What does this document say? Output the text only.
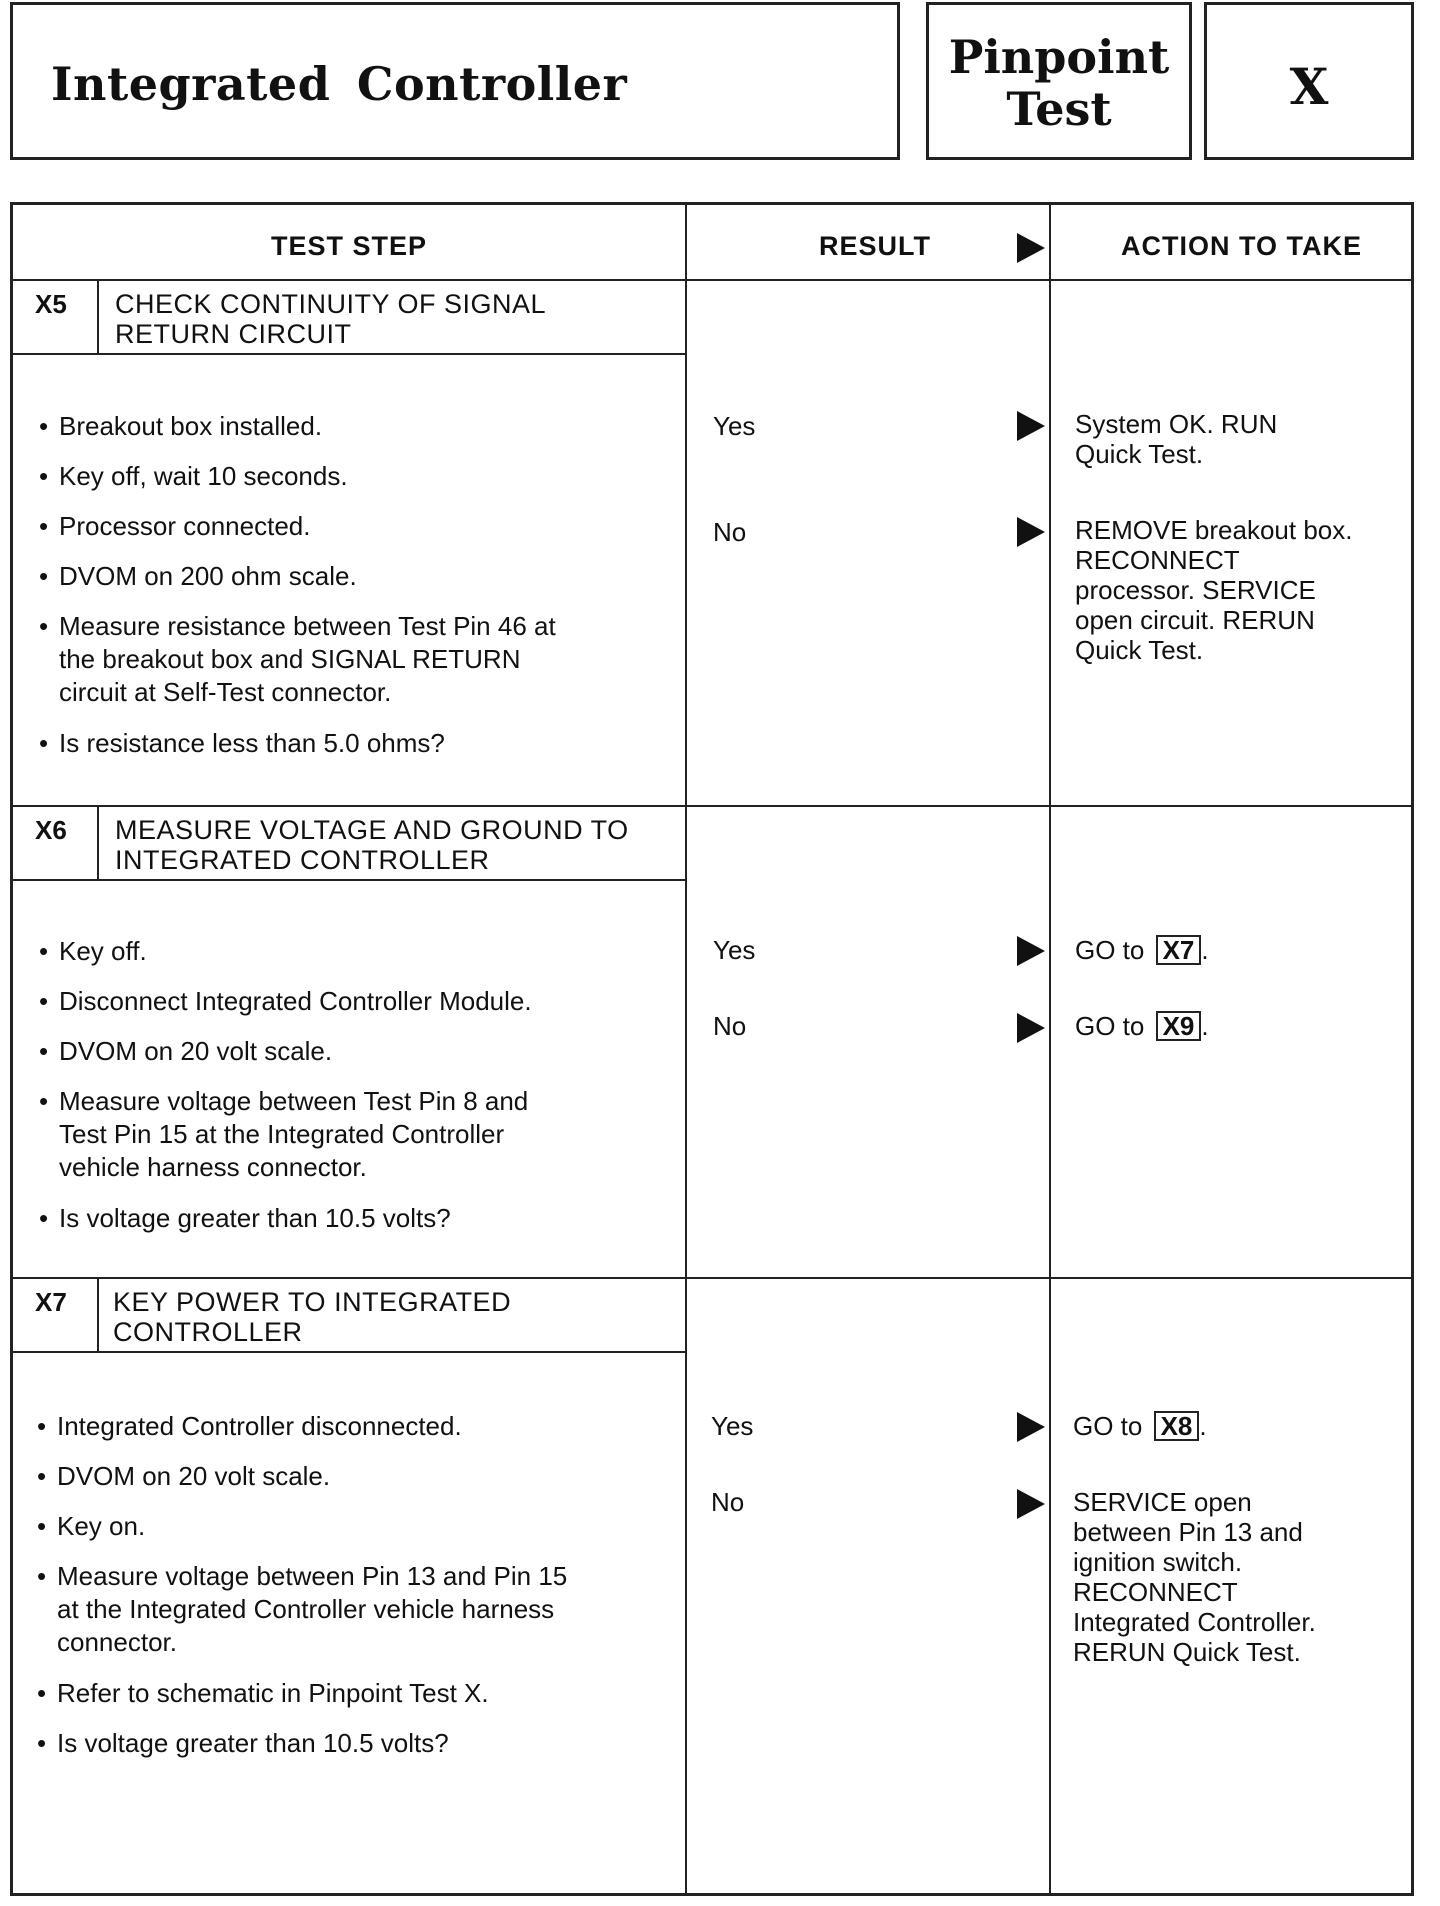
Integrated Controller	Pinpoint
Test	X
TEST STEP	RESULT	ACTION TO TAKE
X5 CHECK CONTINUITY OF SIGNAL
RETURN CIRCUIT
• Breakout box installed.
• Key off, wait 10 seconds.
• Processor connected.
• DVOM on 200 ohm scale.
• Measure resistance between Test Pin 46 at
the breakout box and SIGNAL RETURN
circuit at Self-Test connector.
• Is resistance less than 5.0 ohms?
Yes	System OK. RUN
Quick Test.
No	REMOVE breakout box.
RECONNECT
processor. SERVICE
open circuit. RERUN
Quick Test.
X6 MEASURE VOLTAGE AND GROUND TO
INTEGRATED CONTROLLER
• Key off.
• Disconnect Integrated Controller Module.
• DVOM on 20 volt scale.
• Measure voltage between Test Pin 8 and
Test Pin 15 at the Integrated Controller
vehicle harness connector.
• Is voltage greater than 10.5 volts?
Yes	GO to X7 .
No	GO to X9 .
X7 KEY POWER TO INTEGRATED
CONTROLLER
• Integrated Controller disconnected.
• DVOM on 20 volt scale.
• Key on.
• Measure voltage between Pin 13 and Pin 15
at the Integrated Controller vehicle harness
connector.
• Refer to schematic in Pinpoint Test X.
• Is voltage greater than 10.5 volts?
Yes	GO to X8 .
No	SERVICE open
between Pin 13 and
ignition switch.
RECONNECT
Integrated Controller.
RERUN Quick Test.
